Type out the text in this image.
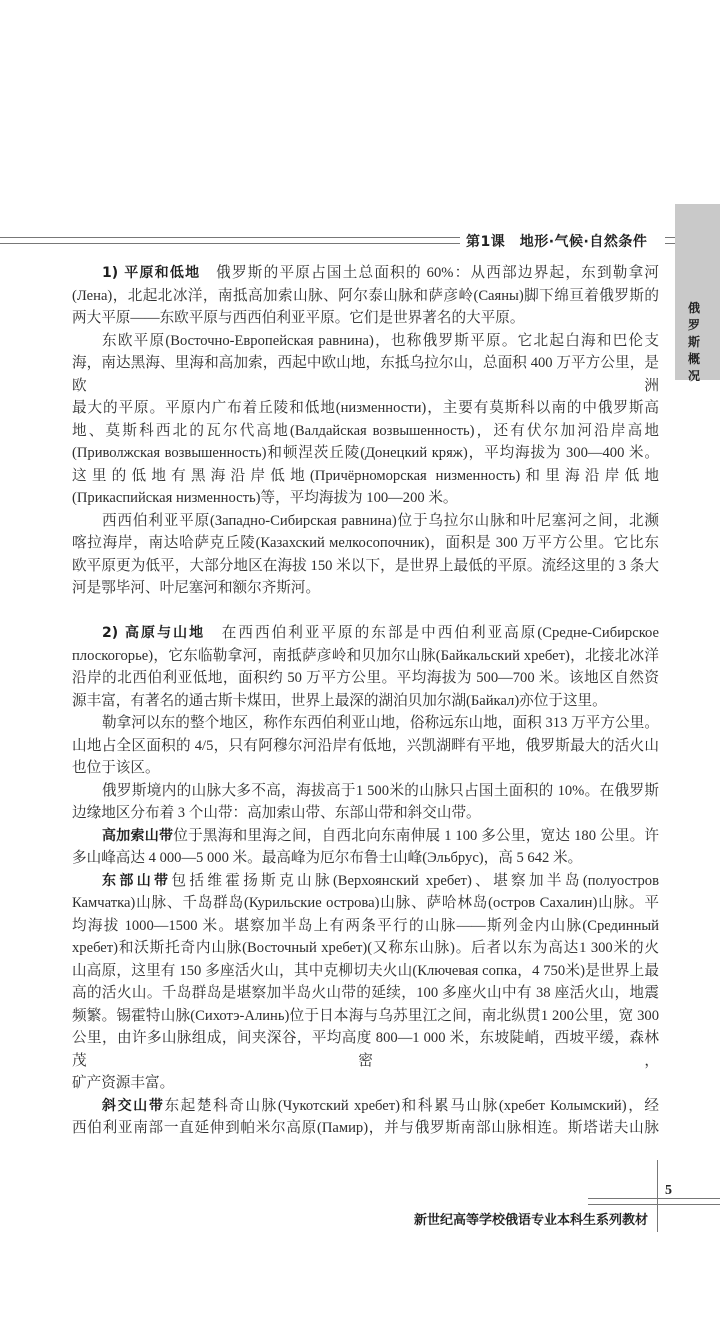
第1课　地形·气候·自然条件
俄罗斯概况
1) 平原和低地　俄罗斯的平原占国土总面积的 60%：从西部边界起，东到勒拿河
(Лена)，北起北冰洋，南抵高加索山脉、阿尔泰山脉和萨彦岭(Саяны)脚下绵亘着俄罗斯的
两大平原——东欧平原与西西伯利亚平原。它们是世界著名的大平原。
东欧平原(Восточно-Европейская равнина)，也称俄罗斯平原。它北起白海和巴伦支
海，南达黑海、里海和高加索，西起中欧山地，东抵乌拉尔山，总面积 400 万平方公里，是欧洲
最大的平原。平原内广布着丘陵和低地(низменности)，主要有莫斯科以南的中俄罗斯高
地、莫斯科西北的瓦尔代高地(Валдайская возвышенность)，还有伏尔加河沿岸高地
(Приволжская возвышенность)和顿涅茨丘陵(Донецкий кряж)，平均海拔为 300—400 米。
这里的低地有黑海沿岸低地(Причёрноморская низменность)和里海沿岸低地
(Прикаспийская низменность)等，平均海拔为 100—200 米。
西西伯利亚平原(Западно-Сибирская равнина)位于乌拉尔山脉和叶尼塞河之间，北濒
喀拉海岸，南达哈萨克丘陵(Казахский мелкосопочник)，面积是 300 万平方公里。它比东
欧平原更为低平，大部分地区在海拔 150 米以下，是世界上最低的平原。流经这里的 3 条大
河是鄂毕河、叶尼塞河和额尔齐斯河。
2) 高原与山地　在西西伯利亚平原的东部是中西伯利亚高原(Средне-Сибирское
плоскогорье)，它东临勒拿河，南抵萨彦岭和贝加尔山脉(Байкальский хребет)，北接北冰洋
沿岸的北西伯利亚低地，面积约 50 万平方公里。平均海拔为 500—700 米。该地区自然资
源丰富，有著名的通古斯卡煤田，世界上最深的湖泊贝加尔湖(Байкал)亦位于这里。
勒拿河以东的整个地区，称作东西伯利亚山地，俗称远东山地，面积 313 万平方公里。
山地占全区面积的 4/5，只有阿穆尔河沿岸有低地，兴凯湖畔有平地，俄罗斯最大的活火山
也位于该区。
俄罗斯境内的山脉大多不高，海拔高于1 500米的山脉只占国土面积的 10%。在俄罗斯
边缘地区分布着 3 个山带：高加索山带、东部山带和斜交山带。
高加索山带位于黑海和里海之间，自西北向东南伸展 1 100 多公里，宽达 180 公里。许
多山峰高达 4 000—5 000 米。最高峰为厄尔布鲁士山峰(Эльбрус)，高 5 642 米。
东部山带包括维霍扬斯克山脉(Верхоянский хребет)、堪察加半岛(полуостров
Камчатка)山脉、千岛群岛(Курильские острова)山脉、萨哈林岛(остров Сахалин)山脉。平
均海拔 1000—1500 米。堪察加半岛上有两条平行的山脉——斯列金内山脉(Срединный
хребет)和沃斯托奇内山脉(Восточный хребет)(又称东山脉)。后者以东为高达1 300米的火
山高原，这里有 150 多座活火山，其中克柳切夫火山(Ключевая сопка，4 750米)是世界上最
高的活火山。千岛群岛是堪察加半岛火山带的延续，100 多座火山中有 38 座活火山，地震
频繁。锡霍特山脉(Сихотэ-Алинь)位于日本海与乌苏里江之间，南北纵贯1 200公里，宽 300
公里，由许多山脉组成，间夹深谷，平均高度 800—1 000 米，东坡陡峭，西坡平缓，森林茂密，
矿产资源丰富。
斜交山带东起楚科奇山脉(Чукотский хребет)和科累马山脉(хребет Колымский)，经
西伯利亚南部一直延伸到帕米尔高原(Памир)，并与俄罗斯南部山脉相连。斯塔诺夫山脉
5
新世纪高等学校俄语专业本科生系列教材
